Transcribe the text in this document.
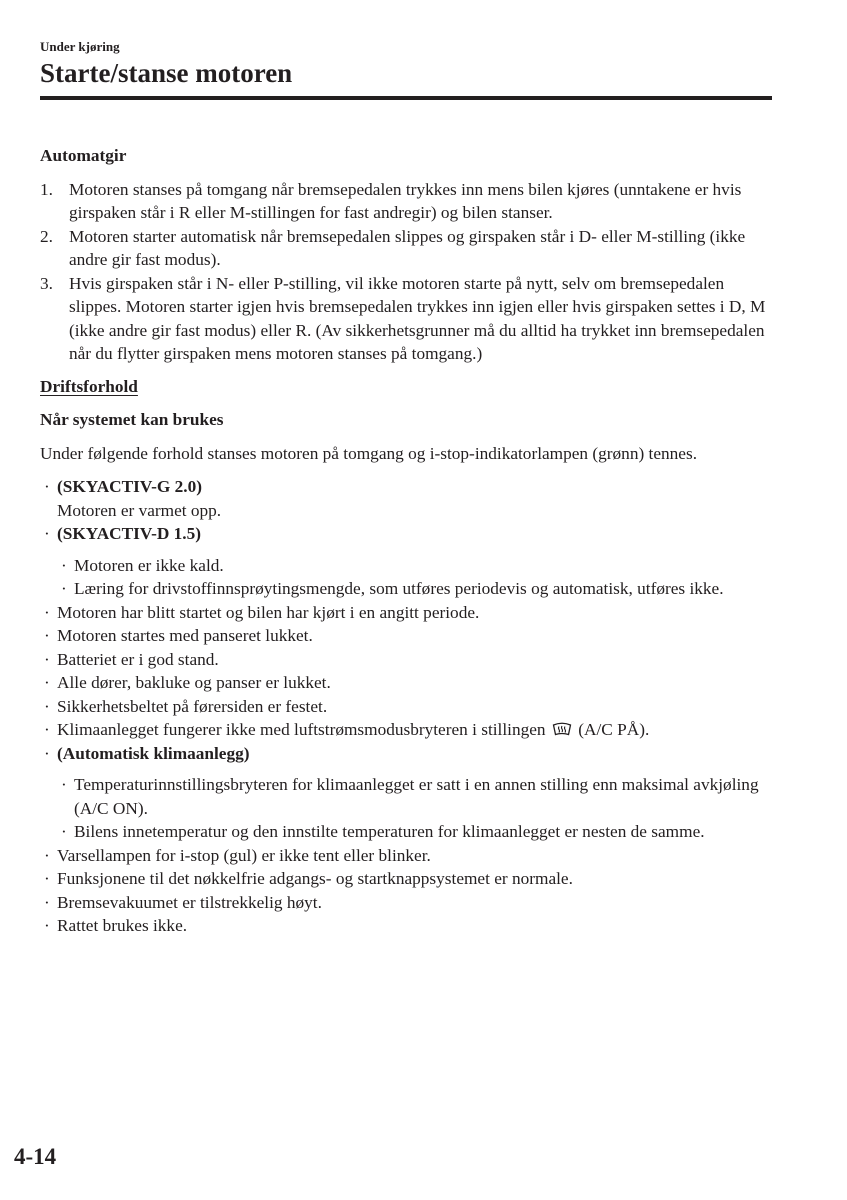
Under kjøring
Starte/stanse motoren
Automatgir
1. Motoren stanses på tomgang når bremsepedalen trykkes inn mens bilen kjøres (unntakene er hvis girspaken står i R eller M-stillingen for fast andregir) og bilen stanser.
2. Motoren starter automatisk når bremsepedalen slippes og girspaken står i D- eller M-stilling (ikke andre gir fast modus).
3. Hvis girspaken står i N- eller P-stilling, vil ikke motoren starte på nytt, selv om bremsepedalen slippes. Motoren starter igjen hvis bremsepedalen trykkes inn igjen eller hvis girspaken settes i D, M (ikke andre gir fast modus) eller R. (Av sikkerhetsgrunner må du alltid ha trykket inn bremsepedalen når du flytter girspaken mens motoren stanses på tomgang.)
Driftsforhold
Når systemet kan brukes

Under følgende forhold stanses motoren på tomgang og i-stop-indikatorlampen (grønn) tennes.

· (SKYACTIV-G 2.0)
Motoren er varmet opp.
· (SKYACTIV-D 1.5)
· Motoren er ikke kald.
· Læring for drivstoffinnsprøytingsmengde, som utføres periodevis og automatisk, utføres ikke.
· Motoren har blitt startet og bilen har kjørt i en angitt periode.
· Motoren startes med panseret lukket.
· Batteriet er i god stand.
· Alle dører, bakluke og panser er lukket.
· Sikkerhetsbeltet på førersiden er festet.
· Klimaanlegget fungerer ikke med luftstrømsmodusbryteren i stillingen (A/C PÅ).
· (Automatisk klimaanlegg)
· Temperaturinnstillingsbryteren for klimaanlegget er satt i en annen stilling enn maksimal avkjøling (A/C ON).
· Bilens innetemperatur og den innstilte temperaturen for klimaanlegget er nesten de samme.
· Varsellampen for i-stop (gul) er ikke tent eller blinker.
· Funksjonene til det nøkkelfrie adgangs- og startknappsystemet er normale.
· Bremsevakuumet er tilstrekkelig høyt.
· Rattet brukes ikke.
4-14
